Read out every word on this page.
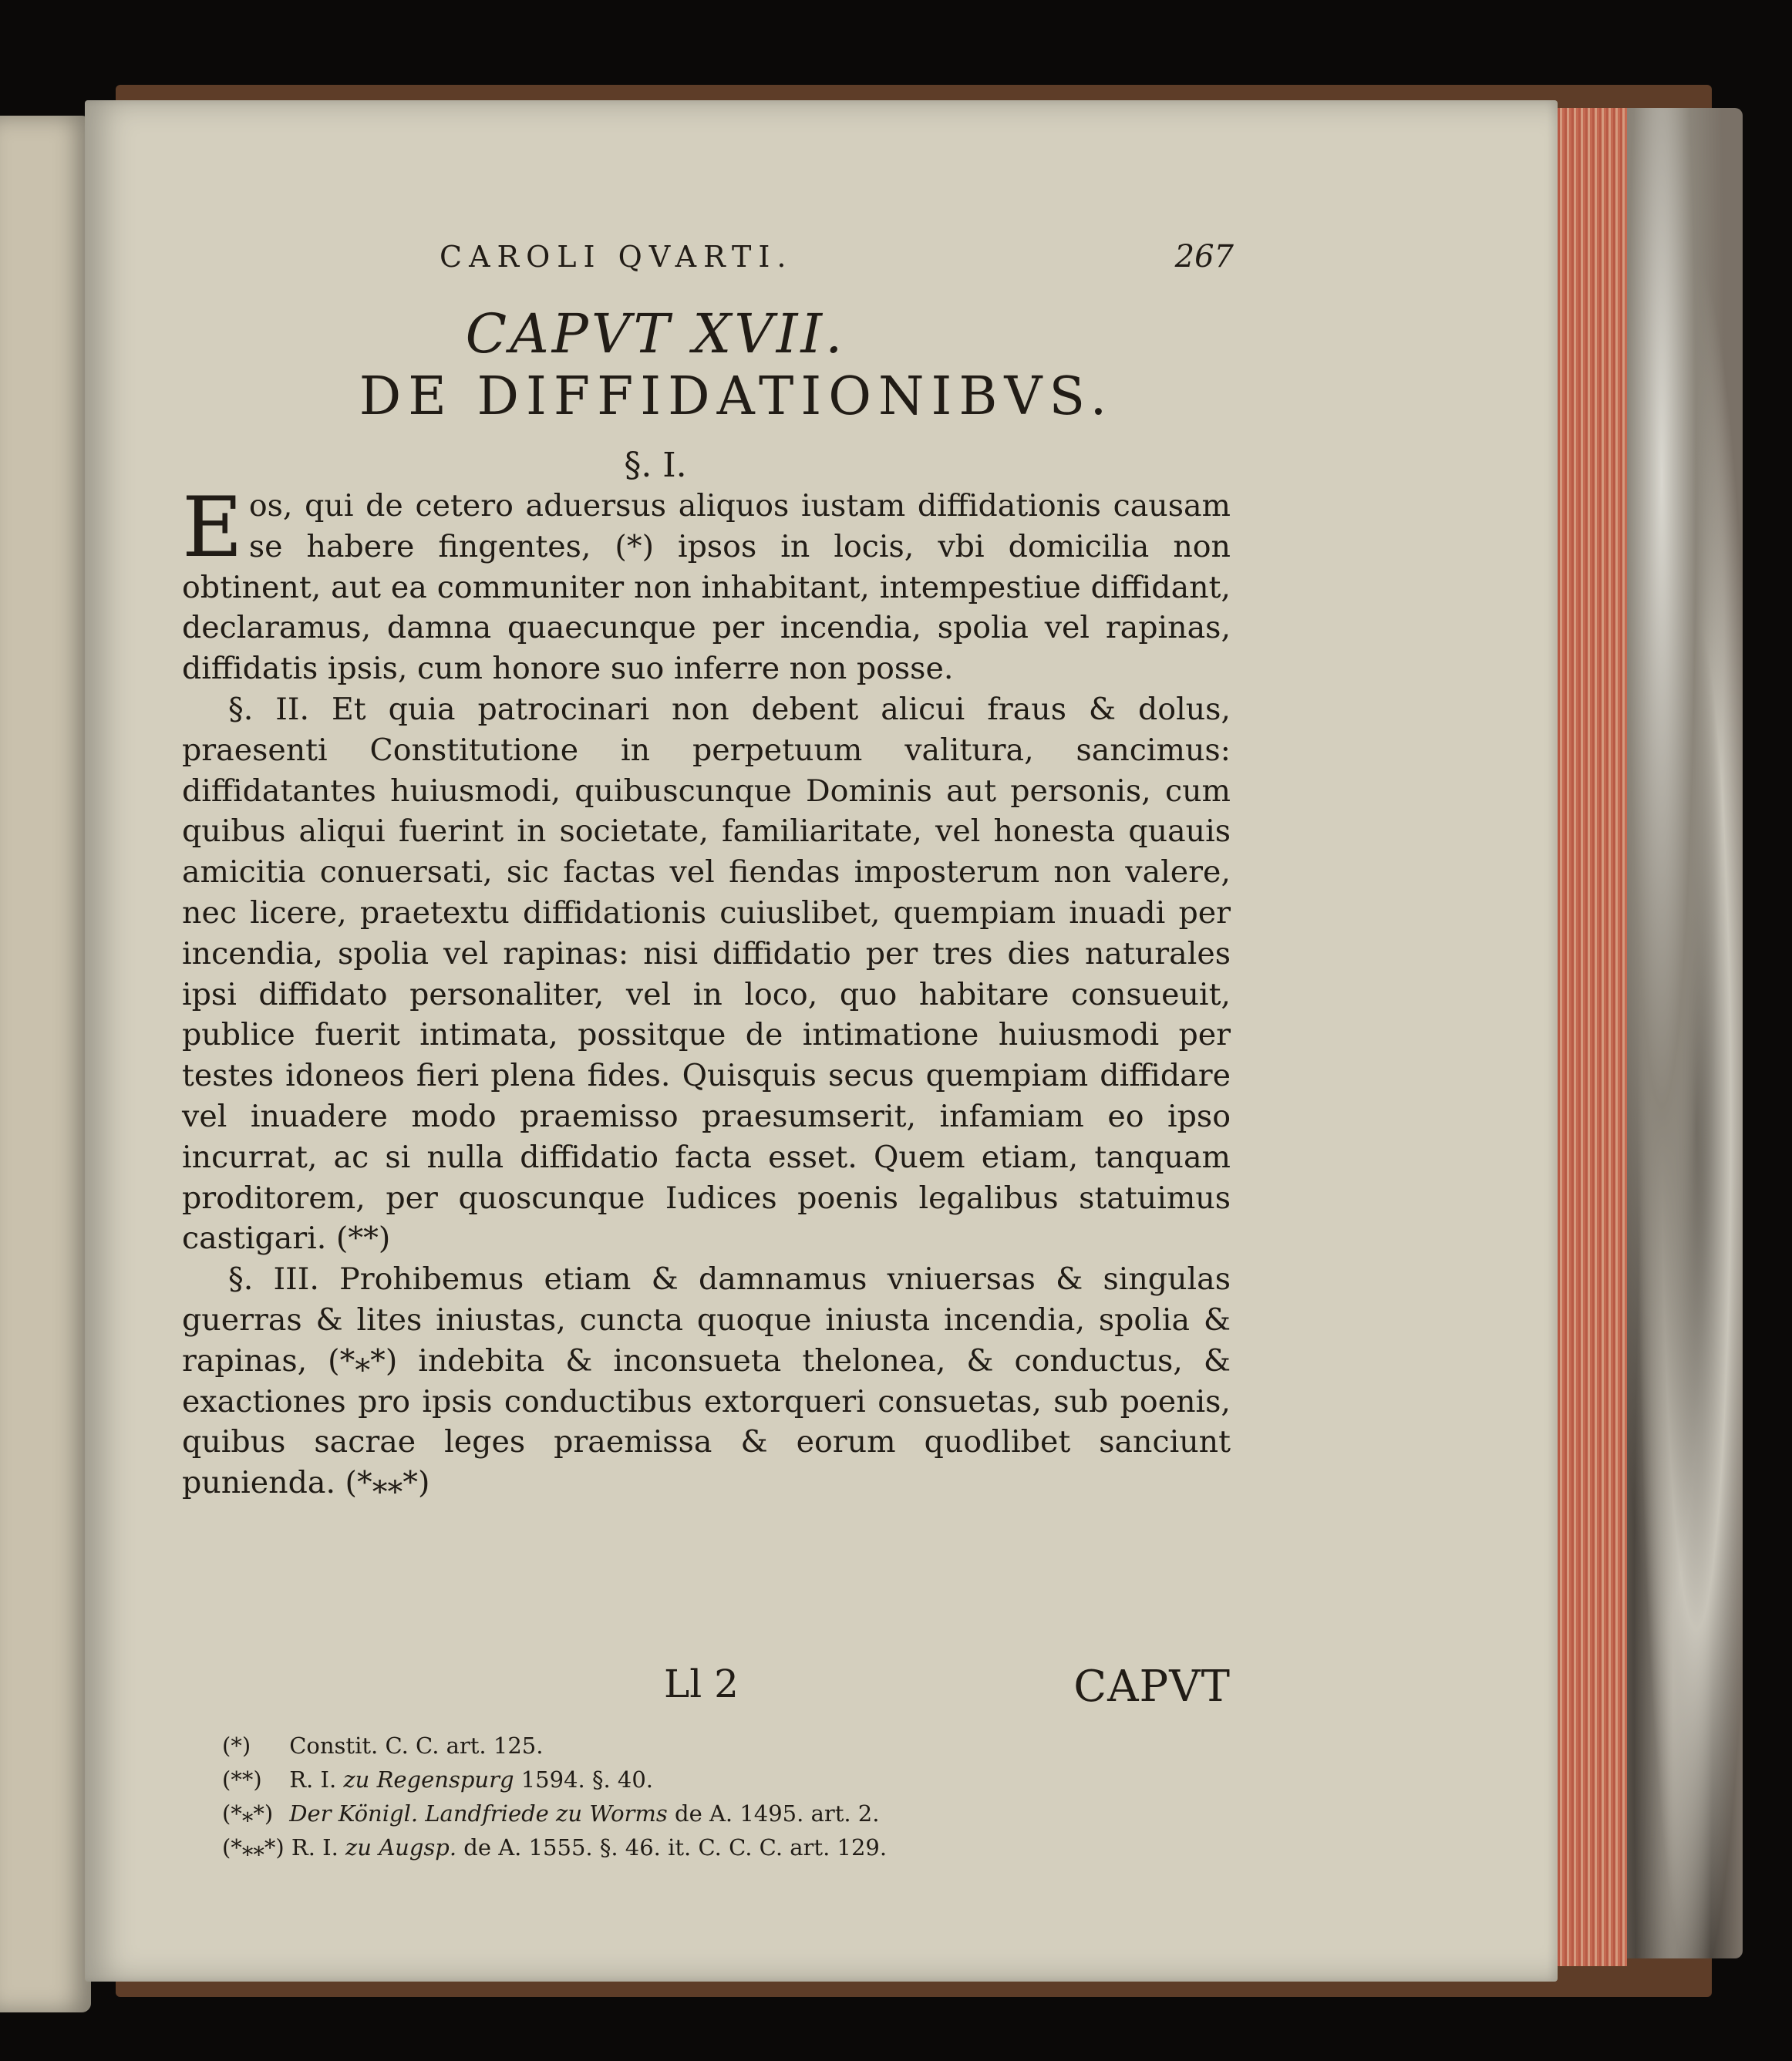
CAROLI QVARTI.	267
CAPVT XVII.
DE DIFFIDATIONIBVS.
§. I.

Eos, qui de cetero aduersus aliquos iustam diffidationis causam se habere fingentes, (*) ipsos in locis, vbi domicilia non obtinent, aut ea communiter non inhabitant, intempestiue diffidant, declaramus, damna quaecunque per incendia, spolia vel rapinas, diffidatis ipsis, cum honore suo inferre non posse.

§. II. Et quia patrocinari non debent alicui fraus & dolus, praesenti Constitutione in perpetuum valitura, sancimus: diffidatantes huiusmodi, quibuscunque Dominis aut personis, cum quibus aliqui fuerint in societate, familiaritate, vel honesta quauis amicitia conuersati, sic factas vel fiendas imposterum non valere, nec licere, praetextu diffidationis cuiuslibet, quempiam inuadi per incendia, spolia vel rapinas: nisi diffidatio per tres dies naturales ipsi diffidato personaliter, vel in loco, quo habitare consueuit, publice fuerit intimata, possitque de intimatione huiusmodi per testes idoneos fieri plena fides. Quisquis secus quempiam diffidare vel inuadere modo praemisso praesumserit, infamiam eo ipso incurrat, ac si nulla diffidatio facta esset. Quem etiam, tanquam proditorem, per quoscunque Iudices poenis legalibus statuimus castigari. (**)

§. III. Prohibemus etiam & damnamus vniuersas & singulas guerras & lites iniustas, cuncta quoque iniusta incendia, spolia & rapinas, (*⁎*) indebita & inconsueta thelonea, & conductus, & exactiones pro ipsis conductibus extorqueri consuetas, sub poenis, quibus sacrae leges praemissa & eorum quodlibet sanciunt punienda. (*⁎⁎*)

Ll 2	CAPVT
(*) Constit. C. C. art. 125.
(**) R. I. zu Regenspurg 1594. §. 40.
(*⁎*) Der Königl. Landfriede zu Worms de A. 1495. art. 2.
(*⁎⁎*) R. I. zu Augsp. de A. 1555. §. 46. it. C. C. C. art. 129.
